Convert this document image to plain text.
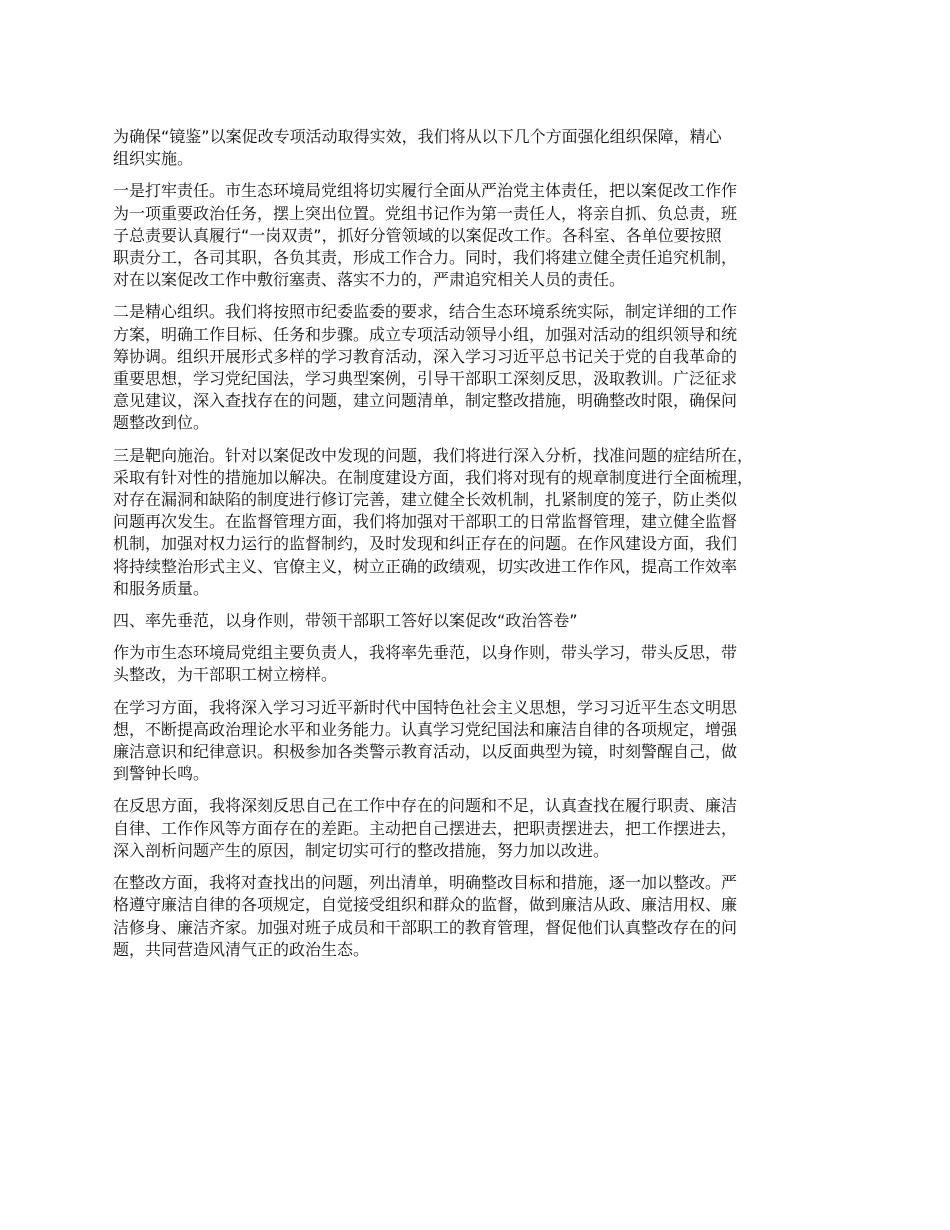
为确保“镜鉴”以案促改专项活动取得实效，我们将从以下几个方面强化组织保障，精心
组织实施。

一是打牢责任。市生态环境局党组将切实履行全面从严治党主体责任，把以案促改工作作
为一项重要政治任务，摆上突出位置。党组书记作为第一责任人，将亲自抓、负总责，班
子总责要认真履行“一岗双责”，抓好分管领域的以案促改工作。各科室、各单位要按照
职责分工，各司其职，各负其责，形成工作合力。同时，我们将建立健全责任追究机制，
对在以案促改工作中敷衍塞责、落实不力的，严肃追究相关人员的责任。

二是精心组织。我们将按照市纪委监委的要求，结合生态环境系统实际，制定详细的工作
方案，明确工作目标、任务和步骤。成立专项活动领导小组，加强对活动的组织领导和统
筹协调。组织开展形式多样的学习教育活动，深入学习习近平总书记关于党的自我革命的
重要思想，学习党纪国法，学习典型案例，引导干部职工深刻反思，汲取教训。广泛征求
意见建议，深入查找存在的问题，建立问题清单，制定整改措施，明确整改时限，确保问
题整改到位。

三是靶向施治。针对以案促改中发现的问题，我们将进行深入分析，找准问题的症结所在，
采取有针对性的措施加以解决。在制度建设方面，我们将对现有的规章制度进行全面梳理，
对存在漏洞和缺陷的制度进行修订完善，建立健全长效机制，扎紧制度的笼子，防止类似
问题再次发生。在监督管理方面，我们将加强对干部职工的日常监督管理，建立健全监督
机制，加强对权力运行的监督制约，及时发现和纠正存在的问题。在作风建设方面，我们
将持续整治形式主义、官僚主义，树立正确的政绩观，切实改进工作作风，提高工作效率
和服务质量。

四、率先垂范，以身作则，带领干部职工答好以案促改“政治答卷”

作为市生态环境局党组主要负责人，我将率先垂范，以身作则，带头学习，带头反思，带
头整改，为干部职工树立榜样。

在学习方面，我将深入学习习近平新时代中国特色社会主义思想，学习习近平生态文明思
想，不断提高政治理论水平和业务能力。认真学习党纪国法和廉洁自律的各项规定，增强
廉洁意识和纪律意识。积极参加各类警示教育活动，以反面典型为镜，时刻警醒自己，做
到警钟长鸣。

在反思方面，我将深刻反思自己在工作中存在的问题和不足，认真查找在履行职责、廉洁
自律、工作作风等方面存在的差距。主动把自己摆进去，把职责摆进去，把工作摆进去，
深入剖析问题产生的原因，制定切实可行的整改措施，努力加以改进。

在整改方面，我将对查找出的问题，列出清单，明确整改目标和措施，逐一加以整改。严
格遵守廉洁自律的各项规定，自觉接受组织和群众的监督，做到廉洁从政、廉洁用权、廉
洁修身、廉洁齐家。加强对班子成员和干部职工的教育管理，督促他们认真整改存在的问
题，共同营造风清气正的政治生态。
